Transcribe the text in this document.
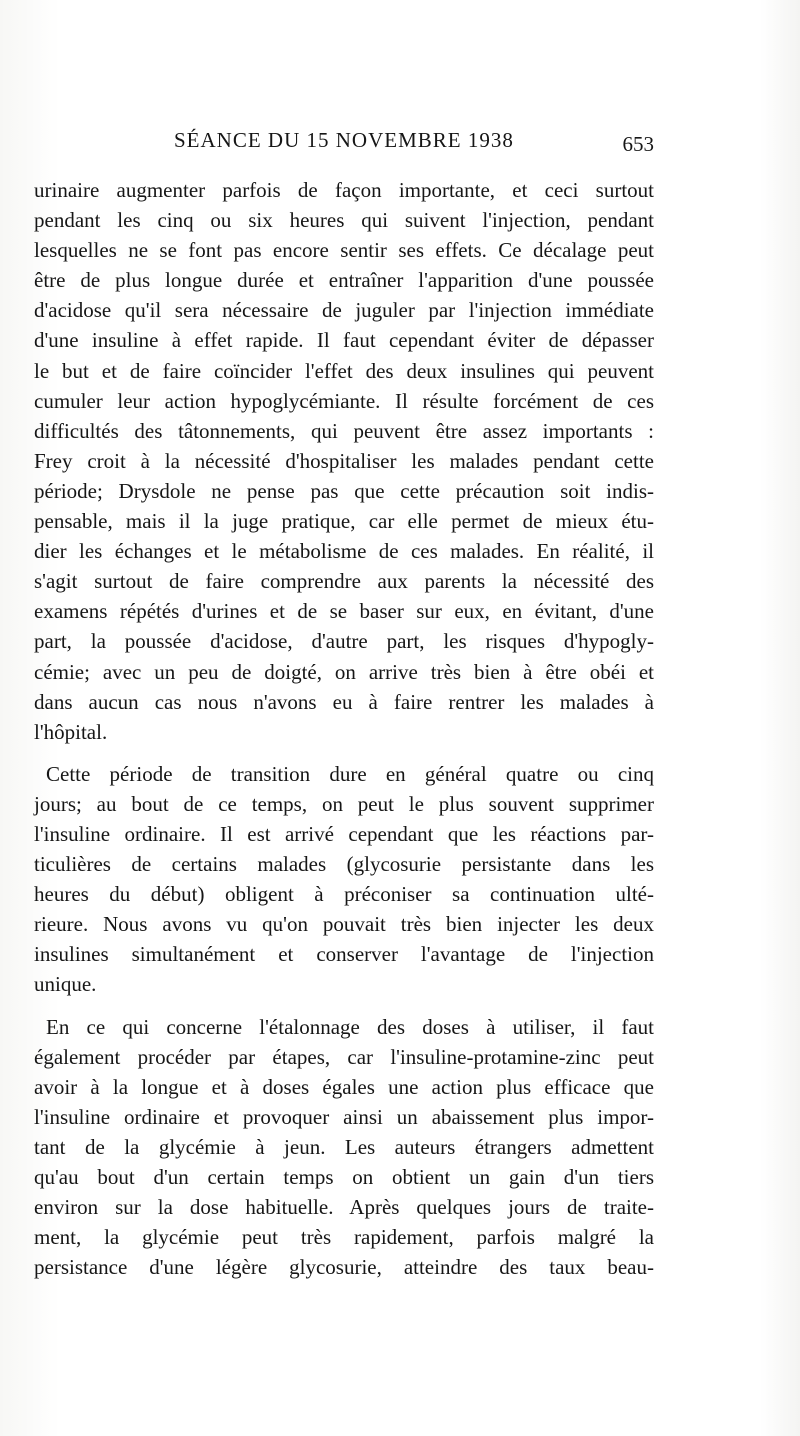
SÉANCE DU 15 NOVEMBRE 1938	653
urinaire augmenter parfois de façon importante, et ceci surtout
pendant les cinq ou six heures qui suivent l'injection, pendant
lesquelles ne se font pas encore sentir ses effets. Ce décalage peut
être de plus longue durée et entraîner l'apparition d'une poussée
d'acidose qu'il sera nécessaire de juguler par l'injection immédiate
d'une insuline à effet rapide. Il faut cependant éviter de dépasser
le but et de faire coïncider l'effet des deux insulines qui peuvent
cumuler leur action hypoglycémiante. Il résulte forcément de ces
difficultés des tâtonnements, qui peuvent être assez importants :
Frey croit à la nécessité d'hospitaliser les malades pendant cette
période; Drysdole ne pense pas que cette précaution soit indis-
pensable, mais il la juge pratique, car elle permet de mieux étu-
dier les échanges et le métabolisme de ces malades. En réalité, il
s'agit surtout de faire comprendre aux parents la nécessité des
examens répétés d'urines et de se baser sur eux, en évitant, d'une
part, la poussée d'acidose, d'autre part, les risques d'hypogly-
cémie; avec un peu de doigté, on arrive très bien à être obéi et
dans aucun cas nous n'avons eu à faire rentrer les malades à
l'hôpital.
Cette période de transition dure en général quatre ou cinq
jours; au bout de ce temps, on peut le plus souvent supprimer
l'insuline ordinaire. Il est arrivé cependant que les réactions par-
ticulières de certains malades (glycosurie persistante dans les
heures du début) obligent à préconiser sa continuation ulté-
rieure. Nous avons vu qu'on pouvait très bien injecter les deux
insulines simultanément et conserver l'avantage de l'injection
unique.
En ce qui concerne l'étalonnage des doses à utiliser, il faut
également procéder par étapes, car l'insuline-protamine-zinc peut
avoir à la longue et à doses égales une action plus efficace que
l'insuline ordinaire et provoquer ainsi un abaissement plus impor-
tant de la glycémie à jeun. Les auteurs étrangers admettent
qu'au bout d'un certain temps on obtient un gain d'un tiers
environ sur la dose habituelle. Après quelques jours de traite-
ment, la glycémie peut très rapidement, parfois malgré la
persistance d'une légère glycosurie, atteindre des taux beau-
